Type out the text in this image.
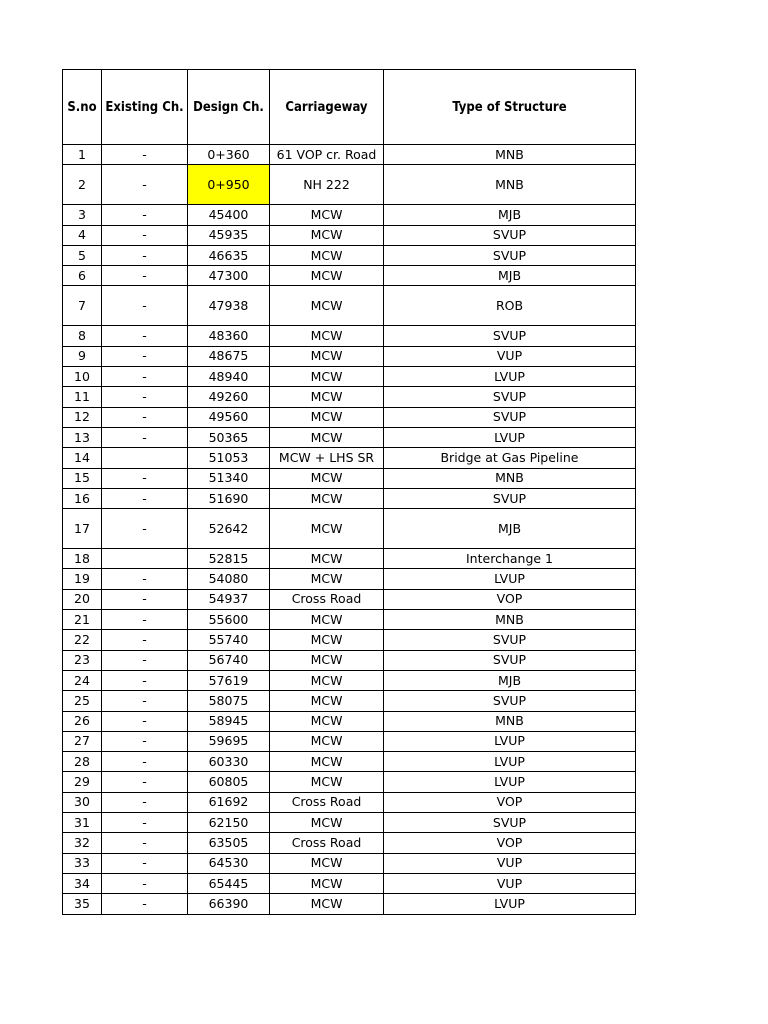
S.no	Existing Ch.	Design Ch.	Carriageway	Type of Structure
1	-	0+360	61 VOP cr. Road	MNB
2	-	0+950	NH 222	MNB
3	-	45400	MCW	MJB
4	-	45935	MCW	SVUP
5	-	46635	MCW	SVUP
6	-	47300	MCW	MJB
7	-	47938	MCW	ROB
8	-	48360	MCW	SVUP
9	-	48675	MCW	VUP
10	-	48940	MCW	LVUP
11	-	49260	MCW	SVUP
12	-	49560	MCW	SVUP
13	-	50365	MCW	LVUP
14		51053	MCW + LHS SR	Bridge at Gas Pipeline
15	-	51340	MCW	MNB
16	-	51690	MCW	SVUP
17	-	52642	MCW	MJB
18		52815	MCW	Interchange 1
19	-	54080	MCW	LVUP
20	-	54937	Cross Road	VOP
21	-	55600	MCW	MNB
22	-	55740	MCW	SVUP
23	-	56740	MCW	SVUP
24	-	57619	MCW	MJB
25	-	58075	MCW	SVUP
26	-	58945	MCW	MNB
27	-	59695	MCW	LVUP
28	-	60330	MCW	LVUP
29	-	60805	MCW	LVUP
30	-	61692	Cross Road	VOP
31	-	62150	MCW	SVUP
32	-	63505	Cross Road	VOP
33	-	64530	MCW	VUP
34	-	65445	MCW	VUP
35	-	66390	MCW	LVUP
